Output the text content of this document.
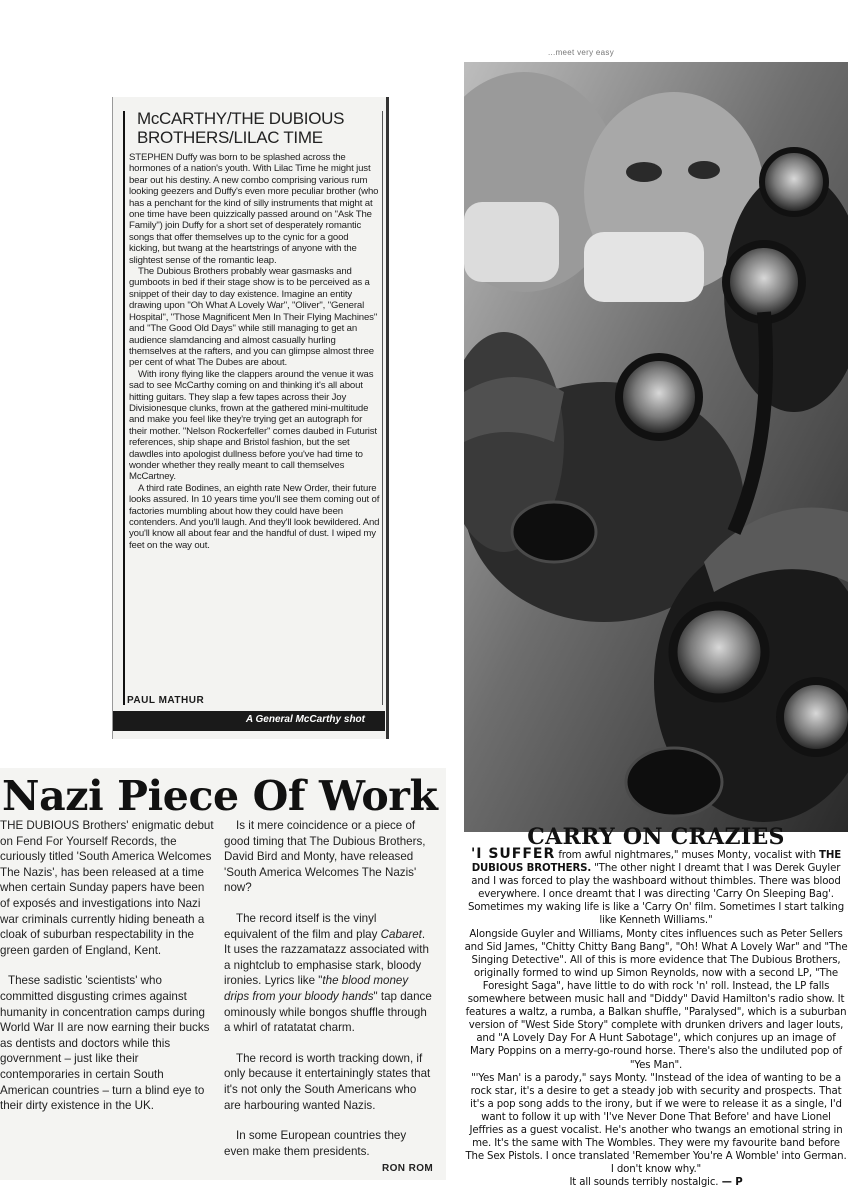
McCARTHY/THE DUBIOUS
BROTHERS/LILAC TIME

STEPHEN Duffy was born to be splashed across the hormones of a nation's youth. With Lilac Time he might just bear out his destiny. A new combo comprising various rum looking geezers and Duffy's even more peculiar brother (who has a penchant for the kind of silly instruments that might at one time have been quizzically passed around on "Ask The Family") join Duffy for a short set of desperately romantic songs that offer themselves up to the cynic for a good kicking, but twang at the heartstrings of anyone with the slightest sense of the romantic leap.

The Dubious Brothers probably wear gasmasks and gumboots in bed if their stage show is to be perceived as a snippet of their day to day existence. Imagine an entity drawing upon "Oh What A Lovely War", "Oliver", "General Hospital", "Those Magnificent Men In Their Flying Machines" and "The Good Old Days" while still managing to get an audience slamdancing and almost casually hurling themselves at the rafters, and you can glimpse almost three per cent of what The Dubes are about.

With irony flying like the clappers around the venue it was sad to see McCarthy coming on and thinking it's all about hitting guitars. They slap a few tapes across their Joy Divisionesque clunks, frown at the gathered mini-multitude and make you feel like they're trying get an autograph for their mother. "Nelson Rockerfeller" comes daubed in Futurist references, ship shape and Bristol fashion, but the set dawdles into apologist dullness before you've had time to wonder whether they really meant to call themselves McCartney.

A third rate Bodines, an eighth rate New Order, their future looks assured. In 10 years time you'll see them coming out of factories mumbling about how they could have been contenders. And you'll laugh. And they'll look bewildered. And you'll know all about fear and the handful of dust. I wiped my feet on the way out.

PAUL MATHUR
A General McCarthy shot
Nazi Piece Of Work

THE DUBIOUS Brothers' enigmatic debut on Fend For Yourself Records, the curiously titled 'South America Welcomes The Nazis', has been released at a time when certain Sunday papers have been of exposés and investigations into Nazi war criminals currently hiding beneath a cloak of suburban respectability in the green garden of England, Kent.

These sadistic 'scientists' who committed disgusting crimes against humanity in concentration camps during World War II are now earning their bucks as dentists and doctors while this government – just like their contemporaries in certain South American countries – turn a blind eye to their dirty existence in the UK.

Is it mere coincidence or a piece of good timing that The Dubious Brothers, David Bird and Monty, have released 'South America Welcomes The Nazis' now?

The record itself is the vinyl equivalent of the film and play Cabaret. It uses the razzamatazz associated with a nightclub to emphasise stark, bloody ironies. Lyrics like "the blood money drips from your bloody hands" tap dance ominously while bongos shuffle through a whirl of ratatatat charm.

The record is worth tracking down, if only because it entertainingly states that it's not only the South Americans who are harbouring wanted Nazis.

In some European countries they even make them presidents.

RON ROM
...meet very easy
CARRY ON CRAZIES

'I SUFFER from awful nightmares," muses Monty, vocalist with THE DUBIOUS BROTHERS. "The other night I dreamt that I was Derek Guyler and I was forced to play the washboard without thimbles. There was blood everywhere. I once dreamt that I was directing 'Carry On Sleeping Bag'. Sometimes my waking life is like a 'Carry On' film. Sometimes I start talking like Kenneth Williams."

Alongside Guyler and Williams, Monty cites influences such as Peter Sellers and Sid James, "Chitty Chitty Bang Bang", "Oh! What A Lovely War" and "The Singing Detective". All of this is more evidence that The Dubious Brothers, originally formed to wind up Simon Reynolds, now with a second LP, "The Foresight Saga", have little to do with rock 'n' roll. Instead, the LP falls somewhere between music hall and "Diddy" David Hamilton's radio show. It features a waltz, a rumba, a Balkan shuffle, "Paralysed", which is a suburban version of "West Side Story" complete with drunken drivers and lager louts, and "A Lovely Day For A Hunt Sabotage", which conjures up an image of Mary Poppins on a merry-go-round horse. There's also the undiluted pop of "Yes Man".

"'Yes Man' is a parody," says Monty. "Instead of the idea of wanting to be a rock star, it's a desire to get a steady job with security and prospects. That it's a pop song adds to the irony, but if we were to release it as a single, I'd want to follow it up with 'I've Never Done That Before' and have Lionel Jeffries as a guest vocalist. He's another who twangs an emotional string in me. It's the same with The Wombles. They were my favourite band before The Sex Pistols. I once translated 'Remember You're A Womble' into German. I don't know why."

It all sounds terribly nostalgic. — P
